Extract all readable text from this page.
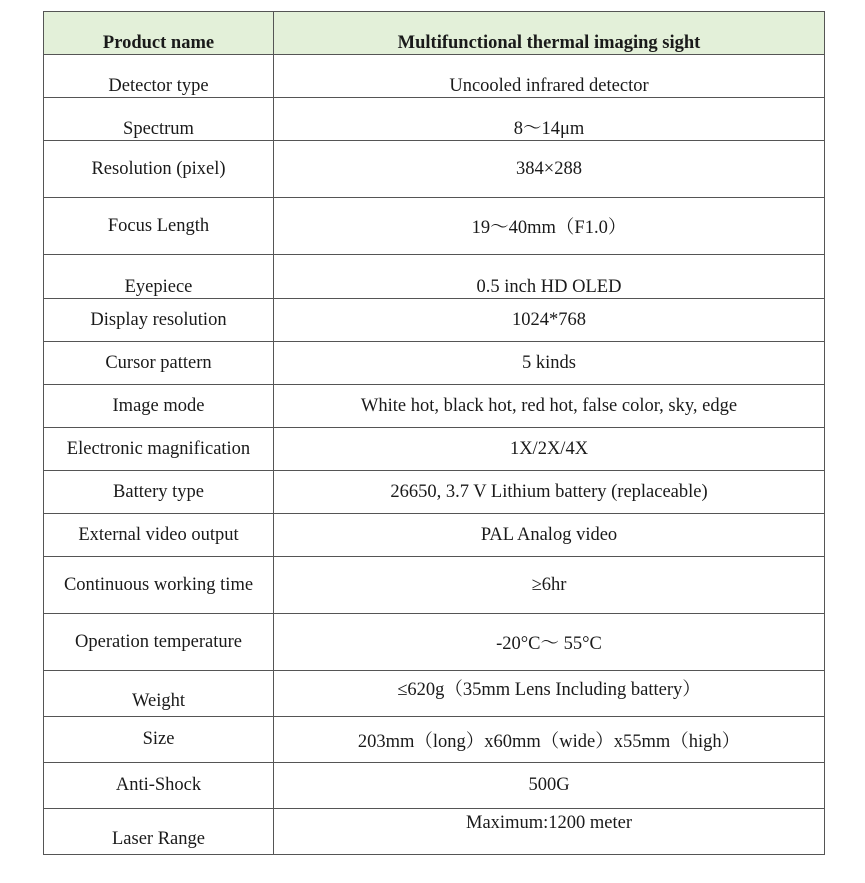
Product name	Multifunctional thermal imaging sight
Detector type	Uncooled infrared detector
Spectrum	8～14μm
Resolution (pixel)	384×288
Focus Length	19～40mm（F1.0）
Eyepiece	0.5 inch HD OLED
Display resolution	1024*768
Cursor pattern	5 kinds
Image mode	White hot, black hot, red hot, false color, sky, edge
Electronic magnification	1X/2X/4X
Battery type	26650, 3.7 V Lithium battery (replaceable)
External video output	PAL Analog video
Continuous working time	≥6hr
Operation temperature	-20°C～ 55°C
Weight	≤620g（35mm Lens Including battery）
Size	203mm（long）x60mm（wide）x55mm（high）
Anti-Shock	500G
Laser Range	Maximum:1200 meter
